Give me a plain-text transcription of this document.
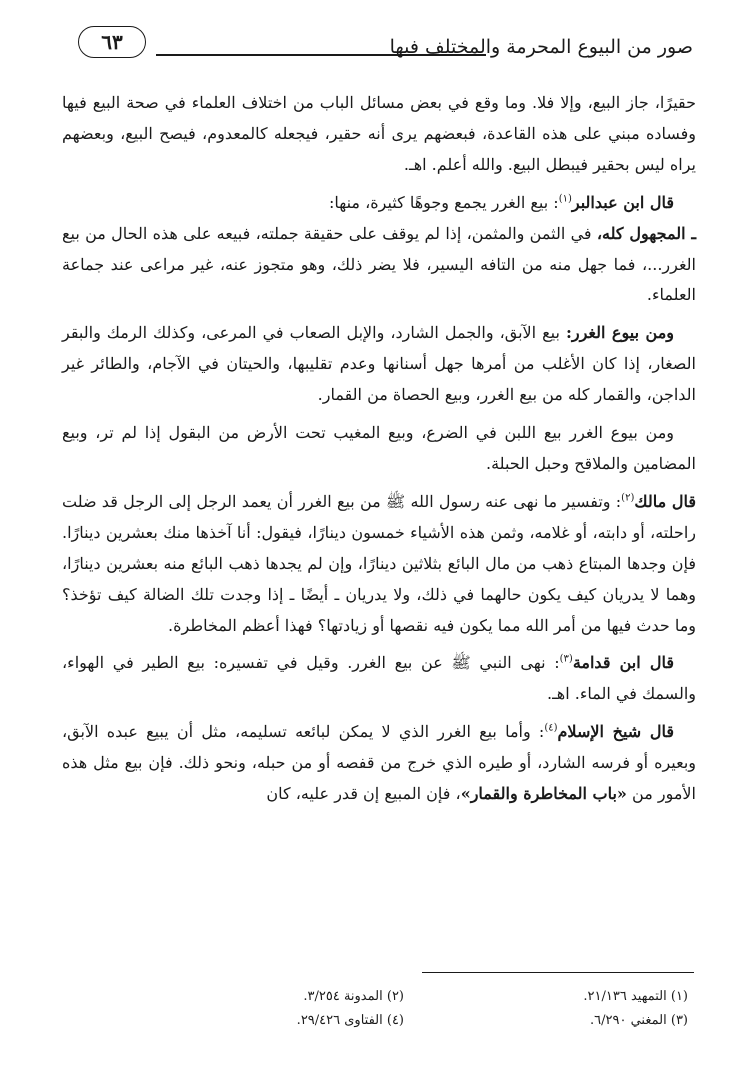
صور من البيوع المحرمة والمختلف فيها
٦٣

حقيرًا، جاز البيع، وإلا فلا. وما وقع في بعض مسائل الباب من اختلاف العلماء في صحة البيع فيها وفساده مبني على هذه القاعدة، فبعضهم يرى أنه حقير، فيجعله كالمعدوم، فيصح البيع، وبعضهم يراه ليس بحقير فيبطل البيع. والله أعلم. اهـ.

قال ابن عبدالبر$^{(١)}$: بيع الغرر يجمع وجوهًا كثيرة، منها:

ـ المجهول كله، في الثمن والمثمن، إذا لم يوقف على حقيقة جملته، فبيعه على هذه الحال من بيع الغرر...، فما جهل منه من التافه اليسير، فلا يضر ذلك، وهو متجوز عنه، غير مراعى عند جماعة العلماء.

ومن بيوع الغرر: بيع الآبق، والجمل الشارد، والإبل الصعاب في المرعى، وكذلك الرمك والبقر الصغار، إذا كان الأغلب من أمرها جهل أسنانها وعدم تقليبها، والحيتان في الآجام، والطائر غير الداجن، والقمار كله من بيع الغرر، وبيع الحصاة من القمار.

ومن بيوع الغرر بيع اللبن في الضرع، وبيع المغيب تحت الأرض من البقول إذا لم تر، وبيع المضامين والملاقح وحبل الحبلة.

قال مالك$^{(٢)}$: وتفسير ما نهى عنه رسول الله ﷺ من بيع الغرر أن يعمد الرجل إلى الرجل قد ضلت راحلته، أو دابته، أو غلامه، وثمن هذه الأشياء خمسون دينارًا، فيقول: أنا آخذها منك بعشرين دينارًا. فإن وجدها المبتاع ذهب من مال البائع بثلاثين دينارًا، وإن لم يجدها ذهب البائع منه بعشرين دينارًا، وهما لا يدريان كيف يكون حالهما في ذلك، ولا يدريان ـ أيضًا ـ إذا وجدت تلك الضالة كيف تؤخذ؟ وما حدث فيها من أمر الله مما يكون فيه نقصها أو زيادتها؟ فهذا أعظم المخاطرة.

قال ابن قدامة$^{(٣)}$: نهى النبي ﷺ عن بيع الغرر. وقيل في تفسيره: بيع الطير في الهواء، والسمك في الماء. اهـ.

قال شيخ الإسلام$^{(٤)}$: وأما بيع الغرر الذي لا يمكن لبائعه تسليمه، مثل أن يبيع عبده الآبق، وبعيره أو فرسه الشارد، أو طيره الذي خرج من قفصه أو من حبله، ونحو ذلك. فإن بيع مثل هذه الأمور من «باب المخاطرة والقمار»، فإن المبيع إن قدر عليه، كان

(١) التمهيد ٢١/١٣٦.
(٢) المدونة ٣/٢٥٤.
(٣) المغني ٦/٢٩٠.
(٤) الفتاوى ٢٩/٤٢٦.
